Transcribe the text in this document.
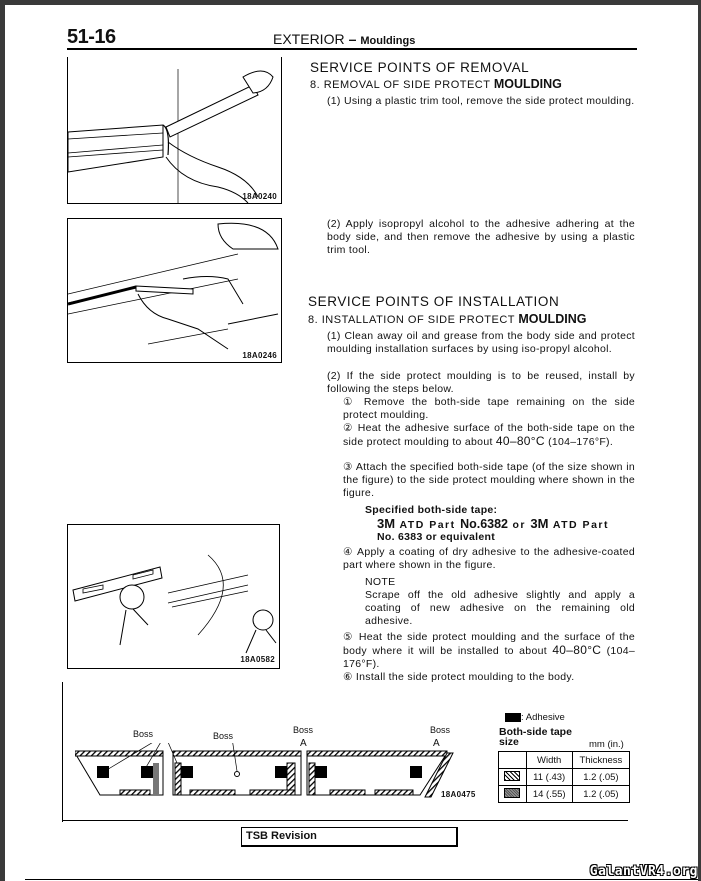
51-16	EXTERIOR – Mouldings
18A0240
18A0246
18A0582
SERVICE POINTS OF REMOVAL
8. REMOVAL OF SIDE PROTECT MOULDING
(1) Using a plastic trim tool, remove the side protect moulding.
(2) Apply isopropyl alcohol to the adhesive adhering at the body side, and then remove the adhesive by using a plastic trim tool.
SERVICE POINTS OF INSTALLATION
8. INSTALLATION OF SIDE PROTECT MOULDING
(1) Clean away oil and grease from the body side and protect moulding installation surfaces by using iso-propyl alcohol.
(2) If the side protect moulding is to be reused, install by following the steps below.
① Remove the both-side tape remaining on the side protect moulding.
② Heat the adhesive surface of the both-side tape on the side protect moulding to about 40–80°C (104–176°F).
③ Attach the specified both-side tape (of the size shown in the figure) to the side protect moulding where shown in the figure.
Specified both-side tape:
3M ATD Part No.6382 or 3M ATD Part
No. 6383 or equivalent
④ Apply a coating of dry adhesive to the adhesive-coated part where shown in the figure.
NOTE
Scrape off the old adhesive slightly and apply a coating of new adhesive on the remaining old adhesive.
⑤ Heat the side protect moulding and the surface of the body where it will be installed to about 40–80°C (104–176°F).
⑥ Install the side protect moulding to the body.
Boss	Boss
Boss	Boss
A	A
18A0475
: Adhesive
Both-side tape
size	mm (in.)
	Width	Thickness
	11 (.43)	1.2 (.05)
	14 (.55)	1.2 (.05)
TSB Revision
GalantVR4.org
